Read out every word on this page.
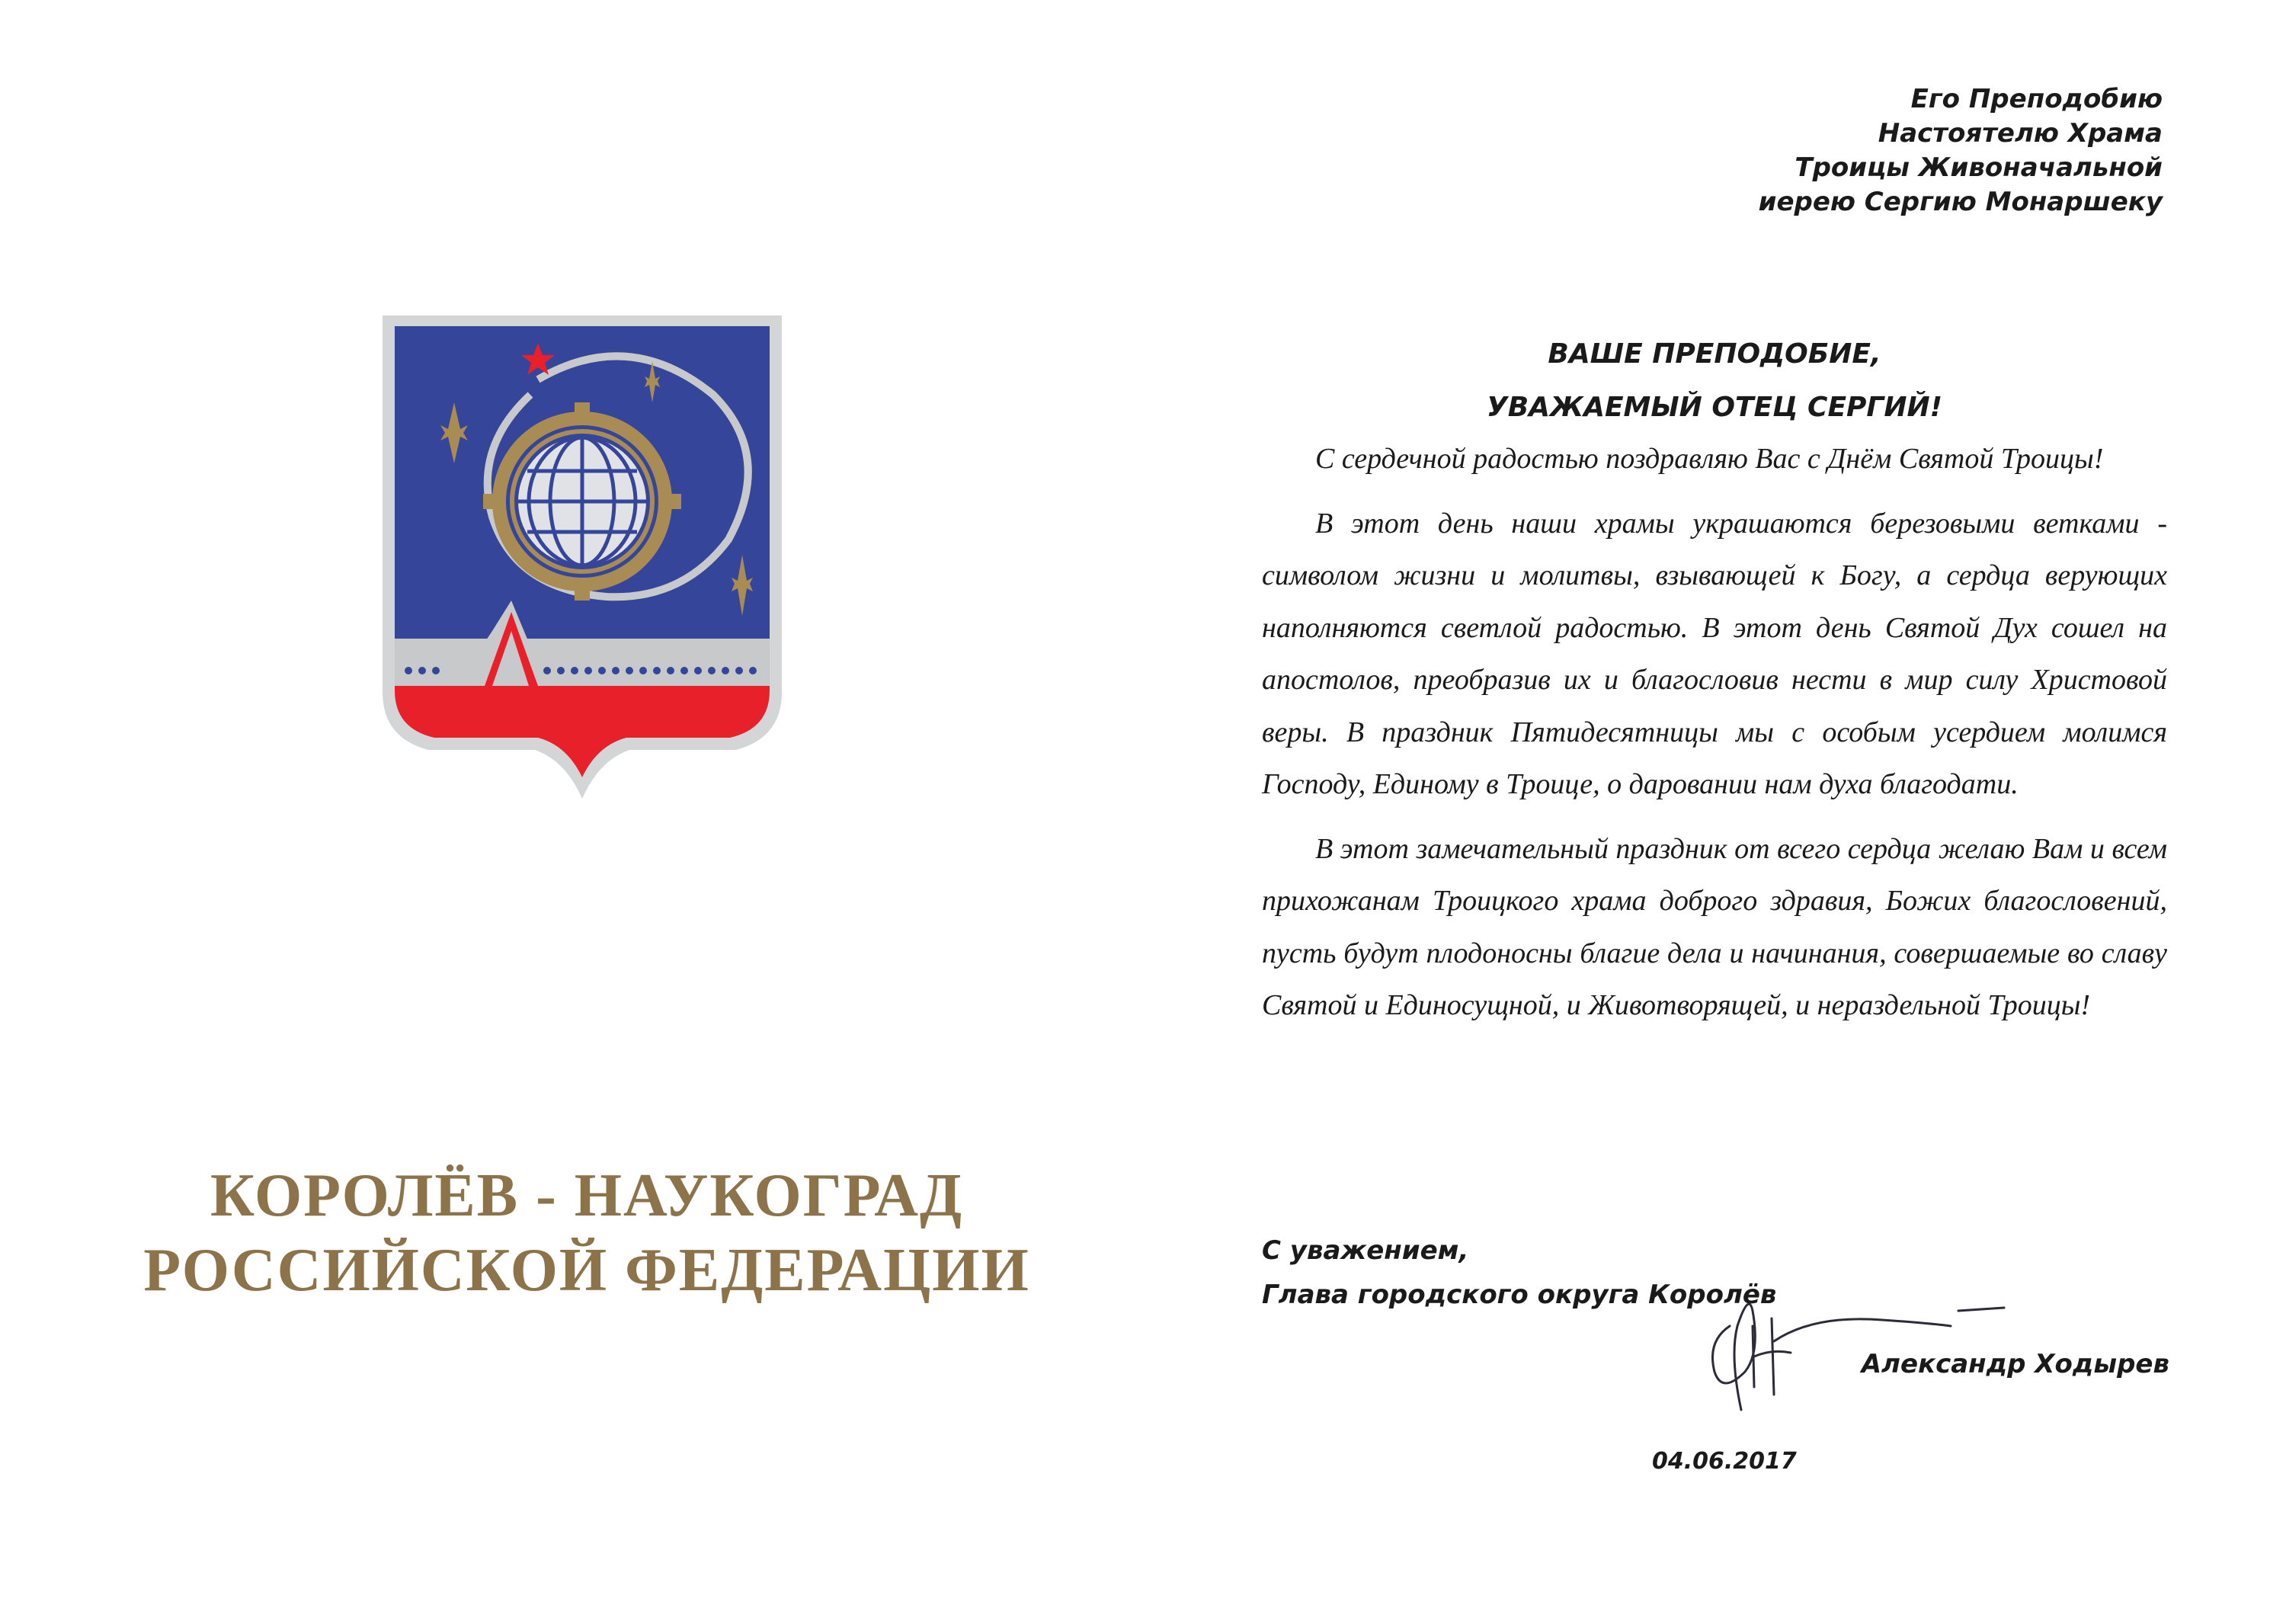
КОРОЛЁВ - НАУКОГРАД
РОССИЙСКОЙ ФЕДЕРАЦИИ
Его Преподобию
Настоятелю Храма
Троицы Живоначальной
иерею Сергию Монаршеку
ВАШЕ ПРЕПОДОБИЕ,
УВАЖАЕМЫЙ ОТЕЦ СЕРГИЙ!

С сердечной радостью поздравляю Вас с Днём Святой Троицы!

В этот день наши храмы украшаются березовыми ветками - символом жизни и молитвы, взывающей к Богу, а сердца верующих наполняются светлой радостью. В этот день Святой Дух сошел на апостолов, преобразив их и благословив нести в мир силу Христовой веры. В праздник Пятидесятницы мы с особым усердием молимся Господу, Единому в Троице, о даровании нам духа благодати.

В этот замечательный праздник от всего сердца желаю Вам и всем прихожанам Троицкого храма доброго здравия, Божих благословений, пусть будут плодоносны благие дела и начинания, совершаемые во славу Святой и Единосущной, и Животворящей, и нераздельной Троицы!

С уважением,
Глава городского округа Королёв
Александр Ходырев
04.06.2017
